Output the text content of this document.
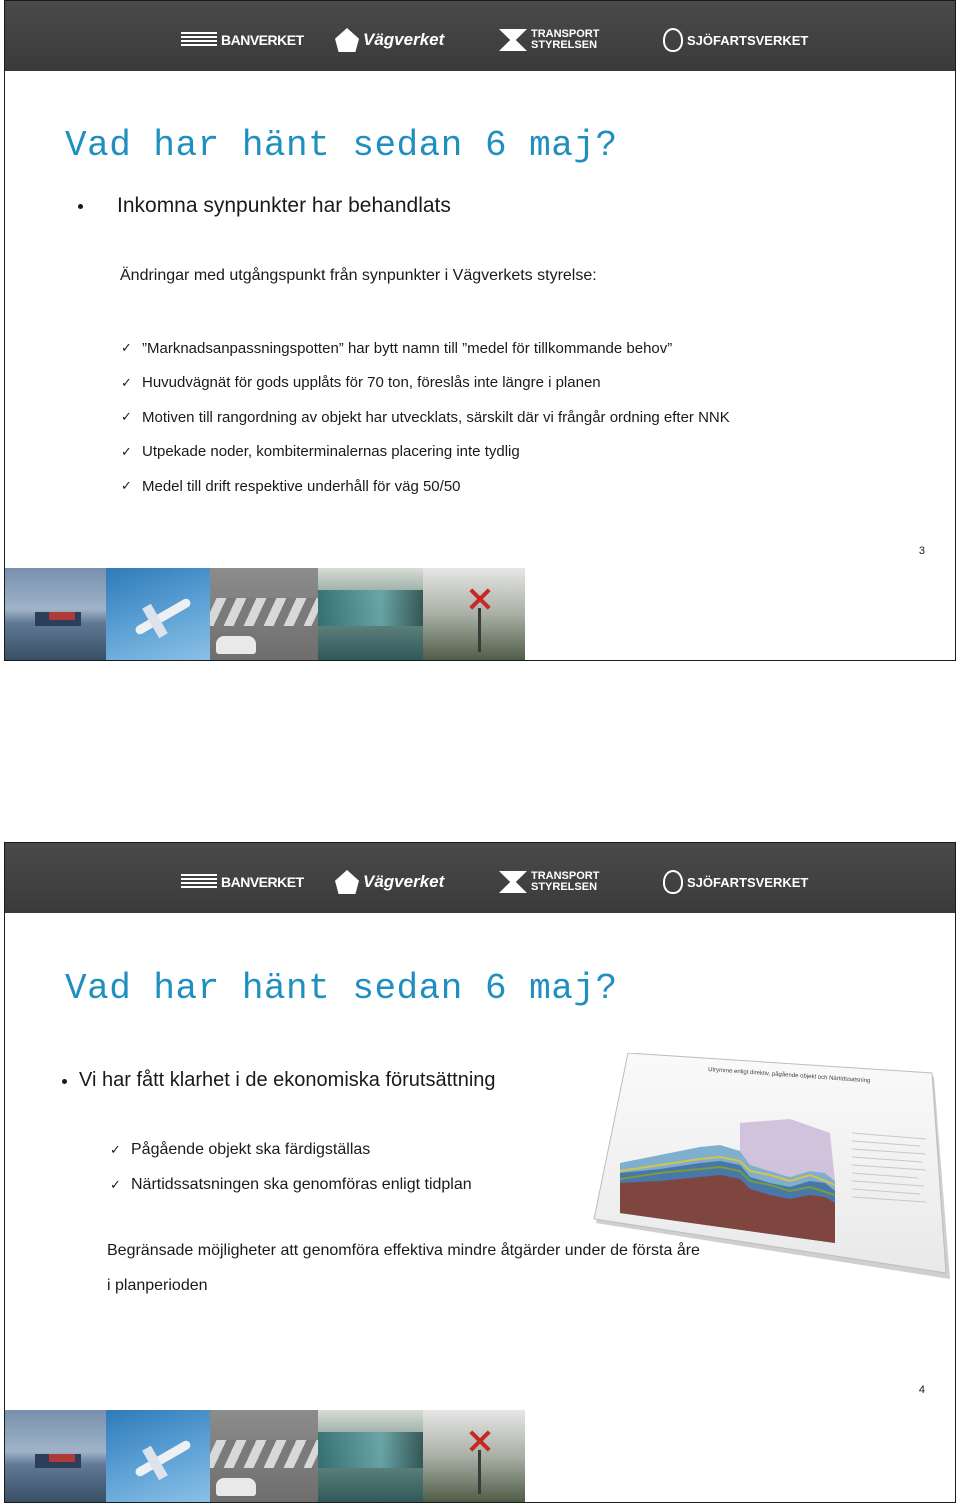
BANVERKET	Vägverket	TRANSPORT
STYRELSEN	SJÖFARTSVERKET
Vad har hänt sedan 6 maj?
Inkomna synpunkter har behandlats
Ändringar med utgångspunkt från synpunkter i Vägverkets styrelse:
✓ ”Marknadsanpassningspotten” har bytt namn till ”medel för tillkommande behov”
✓ Huvudvägnät för gods upplåts för 70 ton, föreslås inte längre i planen
✓ Motiven till rangordning av objekt har utvecklats, särskilt där vi frångår ordning efter NNK
✓ Utpekade noder, kombiterminalernas placering inte tydlig
✓ Medel till drift respektive underhåll för väg 50/50
3
BANVERKET	Vägverket	TRANSPORT
STYRELSEN	SJÖFARTSVERKET
Vad har hänt sedan 6 maj?
Utrymme enligt direktiv, pågående objekt och Närtidssatsning
Vi har fått klarhet i de ekonomiska förutsättning
✓ Pågående objekt ska färdigställas
✓ Närtidssatsningen ska genomföras enligt tidplan
Begränsade möjligheter att genomföra effektiva mindre åtgärder under de första åre
i planperioden
4
